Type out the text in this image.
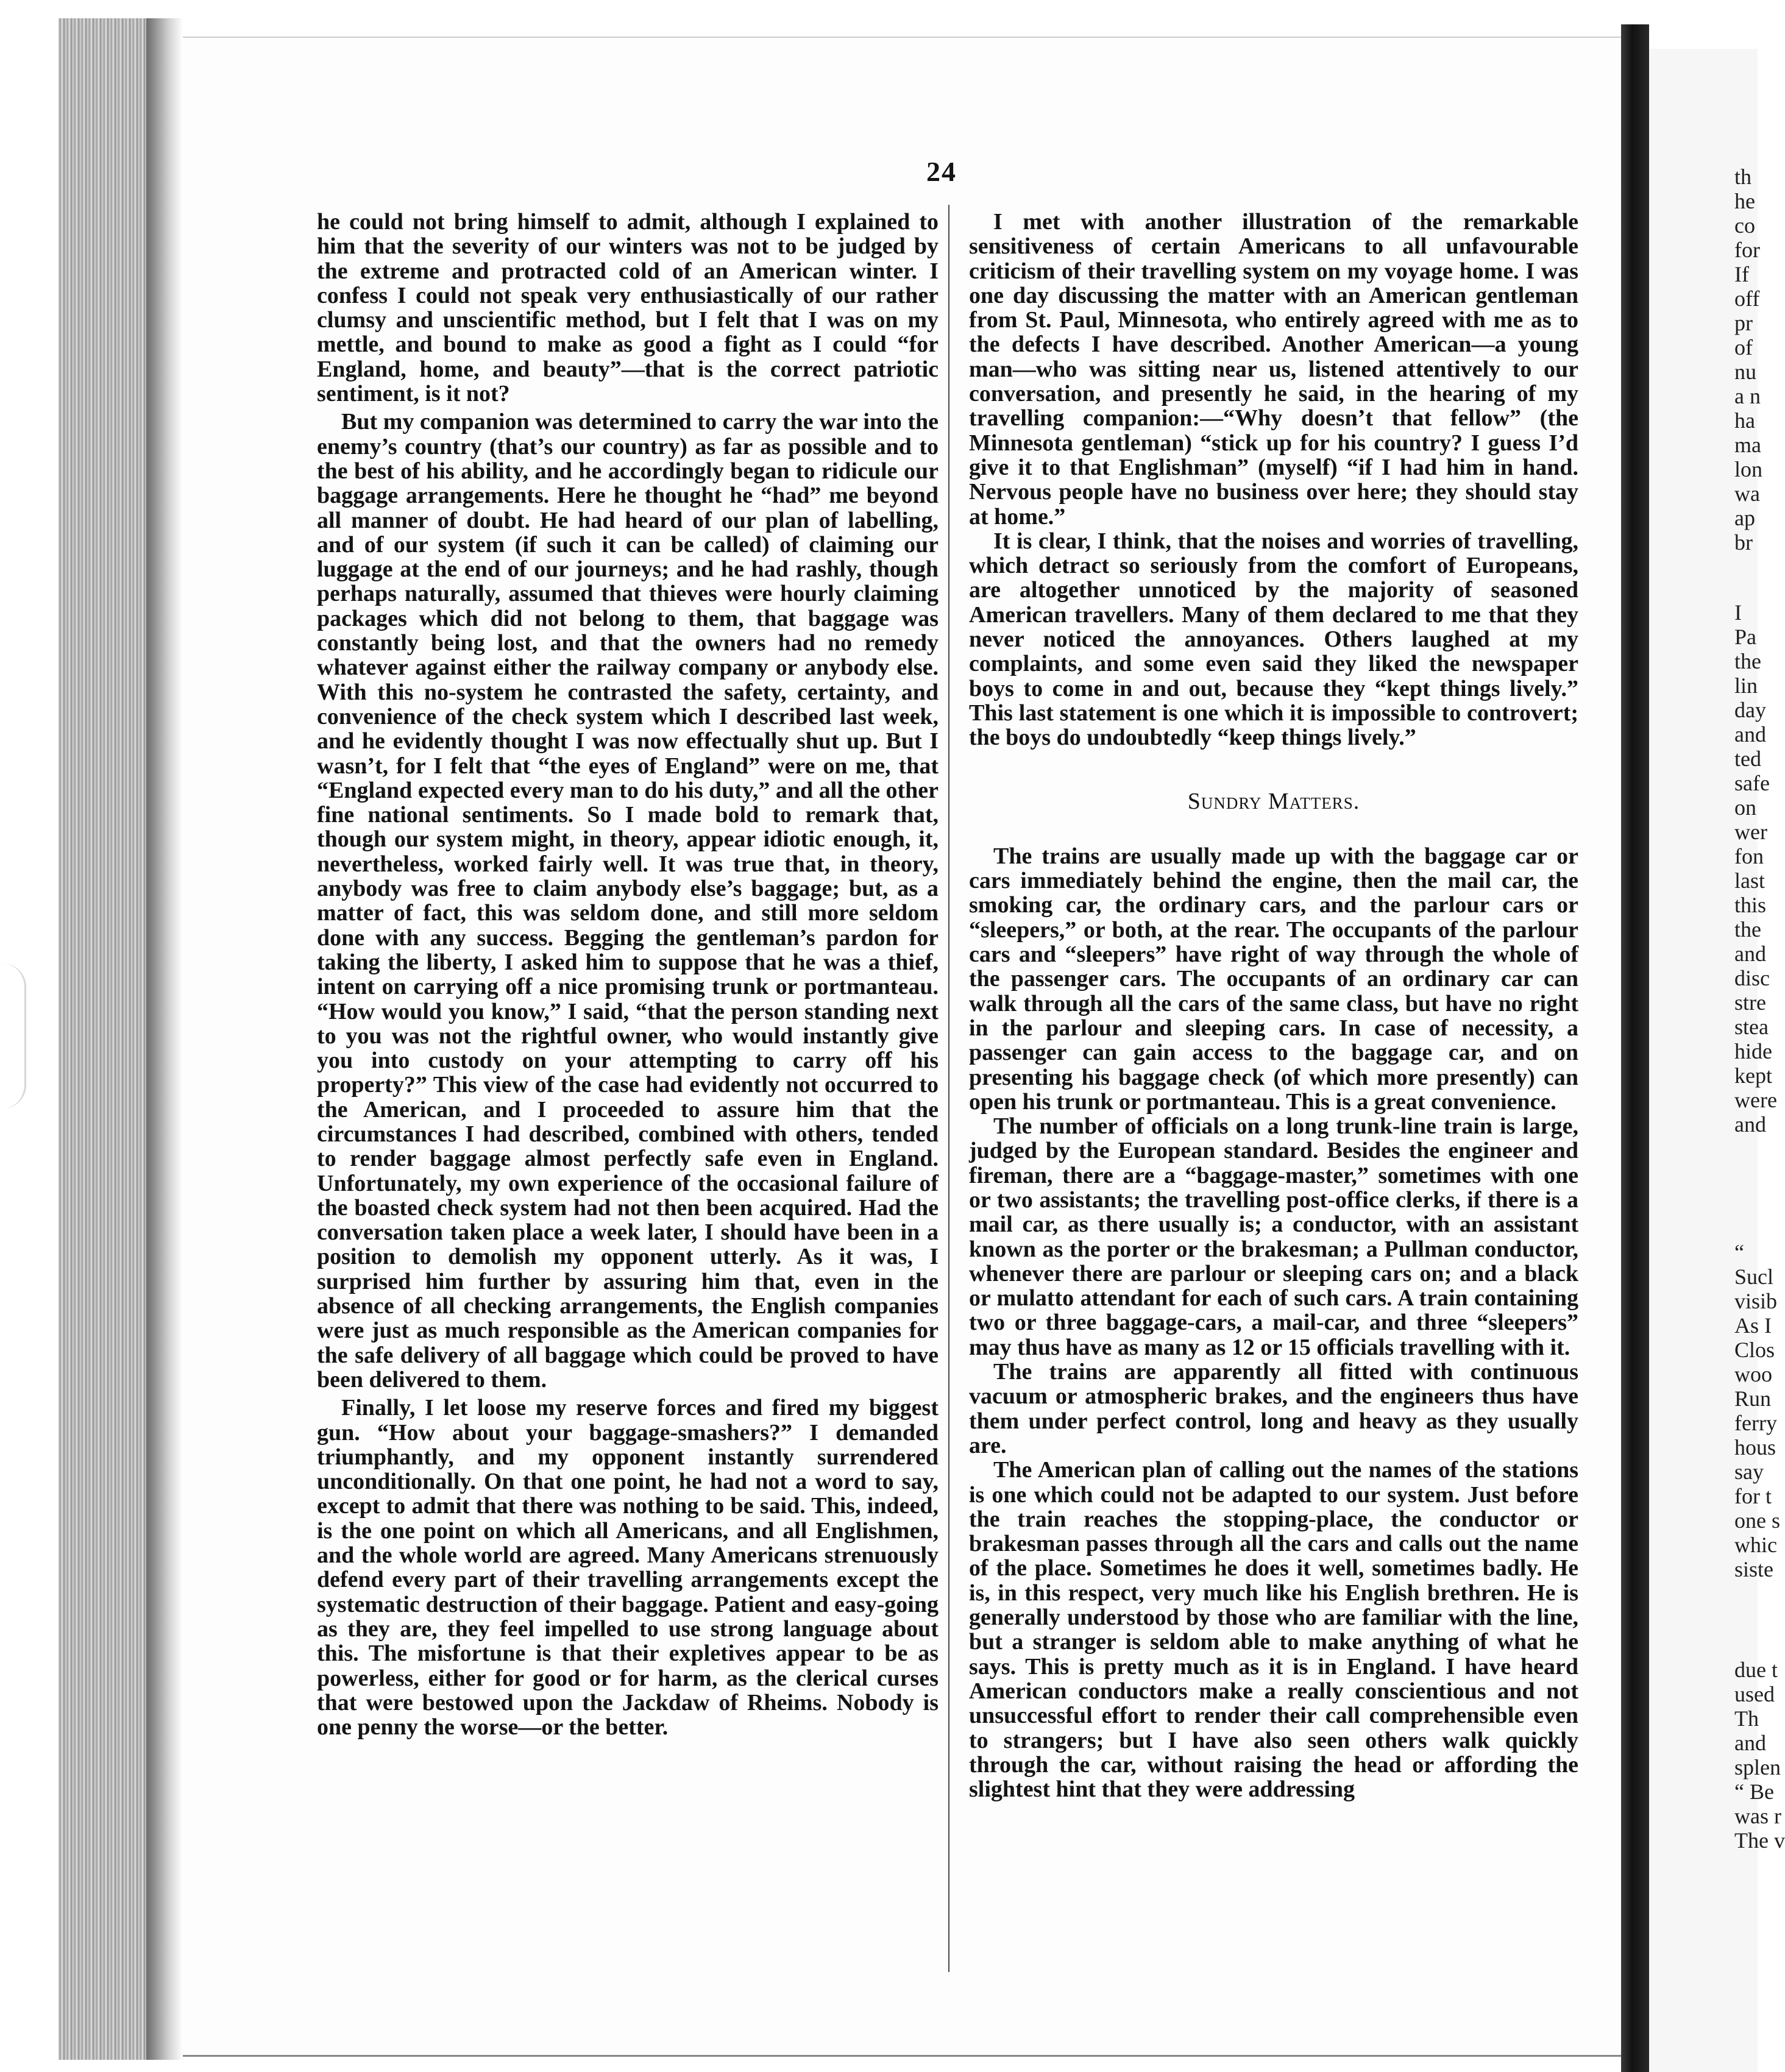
24

he could not bring himself to admit, although I explained to him that the severity of our winters was not to be judged by the extreme and protracted cold of an American winter. I confess I could not speak very enthusiastically of our rather clumsy and unscientific method, but I felt that I was on my mettle, and bound to make as good a fight as I could “for England, home, and beauty”—that is the correct patriotic sentiment, is it not?

But my companion was determined to carry the war into the enemy’s country (that’s our country) as far as possible and to the best of his ability, and he accordingly began to ridicule our baggage arrangements. Here he thought he “had” me beyond all manner of doubt. He had heard of our plan of labelling, and of our system (if such it can be called) of claiming our luggage at the end of our journeys; and he had rashly, though perhaps naturally, assumed that thieves were hourly claiming packages which did not belong to them, that baggage was constantly being lost, and that the owners had no remedy whatever against either the railway company or anybody else. With this no-system he contrasted the safety, certainty, and convenience of the check system which I described last week, and he evidently thought I was now effectually shut up. But I wasn’t, for I felt that “the eyes of England” were on me, that “England expected every man to do his duty,” and all the other fine national sentiments. So I made bold to remark that, though our system might, in theory, appear idiotic enough, it, nevertheless, worked fairly well. It was true that, in theory, anybody was free to claim anybody else’s baggage; but, as a matter of fact, this was seldom done, and still more seldom done with any success. Begging the gentleman’s pardon for taking the liberty, I asked him to suppose that he was a thief, intent on carrying off a nice promising trunk or portmanteau. “How would you know,” I said, “that the person standing next to you was not the rightful owner, who would instantly give you into custody on your attempting to carry off his property?” This view of the case had evidently not occurred to the American, and I proceeded to assure him that the circumstances I had described, combined with others, tended to render baggage almost perfectly safe even in England. Unfortunately, my own experience of the occasional failure of the boasted check system had not then been acquired. Had the conversation taken place a week later, I should have been in a position to demolish my opponent utterly. As it was, I surprised him further by assuring him that, even in the absence of all checking arrangements, the English companies were just as much responsible as the American companies for the safe delivery of all baggage which could be proved to have been delivered to them.

Finally, I let loose my reserve forces and fired my biggest gun. “How about your baggage-smashers?” I demanded triumphantly, and my opponent instantly surrendered unconditionally. On that one point, he had not a word to say, except to admit that there was nothing to be said. This, indeed, is the one point on which all Americans, and all Englishmen, and the whole world are agreed. Many Americans strenuously defend every part of their travelling arrangements except the systematic destruction of their baggage. Patient and easy-going as they are, they feel impelled to use strong language about this. The misfortune is that their expletives appear to be as powerless, either for good or for harm, as the clerical curses that were bestowed upon the Jackdaw of Rheims. Nobody is one penny the worse—or the better.

I met with another illustration of the remarkable sensitiveness of certain Americans to all unfavourable criticism of their travelling system on my voyage home. I was one day discussing the matter with an American gentleman from St. Paul, Minnesota, who entirely agreed with me as to the defects I have described. Another American—a young man—who was sitting near us, listened attentively to our conversation, and presently he said, in the hearing of my travelling companion:—“Why doesn’t that fellow” (the Minnesota gentleman) “stick up for his country? I guess I’d give it to that Englishman” (myself) “if I had him in hand. Nervous people have no business over here; they should stay at home.”

It is clear, I think, that the noises and worries of travelling, which detract so seriously from the comfort of Europeans, are altogether unnoticed by the majority of seasoned American travellers. Many of them declared to me that they never noticed the annoyances. Others laughed at my complaints, and some even said they liked the newspaper boys to come in and out, because they “kept things lively.” This last statement is one which it is impossible to controvert; the boys do undoubtedly “keep things lively.”

Sundry Matters.

The trains are usually made up with the baggage car or cars immediately behind the engine, then the mail car, the smoking car, the ordinary cars, and the parlour cars or “sleepers,” or both, at the rear. The occupants of the parlour cars and “sleepers” have right of way through the whole of the passenger cars. The occupants of an ordinary car can walk through all the cars of the same class, but have no right in the parlour and sleeping cars. In case of necessity, a passenger can gain access to the baggage car, and on presenting his baggage check (of which more presently) can open his trunk or portmanteau. This is a great convenience.

The number of officials on a long trunk-line train is large, judged by the European standard. Besides the engineer and fireman, there are a “baggage-master,” sometimes with one or two assistants; the travelling post-office clerks, if there is a mail car, as there usually is; a conductor, with an assistant known as the porter or the brakesman; a Pullman conductor, whenever there are parlour or sleeping cars on; and a black or mulatto attendant for each of such cars. A train containing two or three baggage-cars, a mail-car, and three “sleepers” may thus have as many as 12 or 15 officials travelling with it.

The trains are apparently all fitted with continuous vacuum or atmospheric brakes, and the engineers thus have them under perfect control, long and heavy as they usually are.

The American plan of calling out the names of the stations is one which could not be adapted to our system. Just before the train reaches the stopping-place, the conductor or brakesman passes through all the cars and calls out the name of the place. Sometimes he does it well, sometimes badly. He is, in this respect, very much like his English brethren. He is generally understood by those who are familiar with the line, but a stranger is seldom able to make anything of what he says. This is pretty much as it is in England. I have heard American conductors make a really conscientious and not unsuccessful effort to render their call comprehensible even to strangers; but I have also seen others walk quickly through the car, without raising the head or affording the slightest hint that they were addressing

th
he
co
for
If
off
pr
of
nu
a n
ha
ma
lon
wa
ap
br
I
Pa
the
lin
day
and
ted
safe
on
wer
fon
last
this
the
and
disc
stre
stea
hide
kept
were
and
“
Sucl
visib
As I
Clos
woo
Run
ferry
hous
say
for t
one s
whic
siste
due t
used
Th
and
splen
“ Be
was r
The v
